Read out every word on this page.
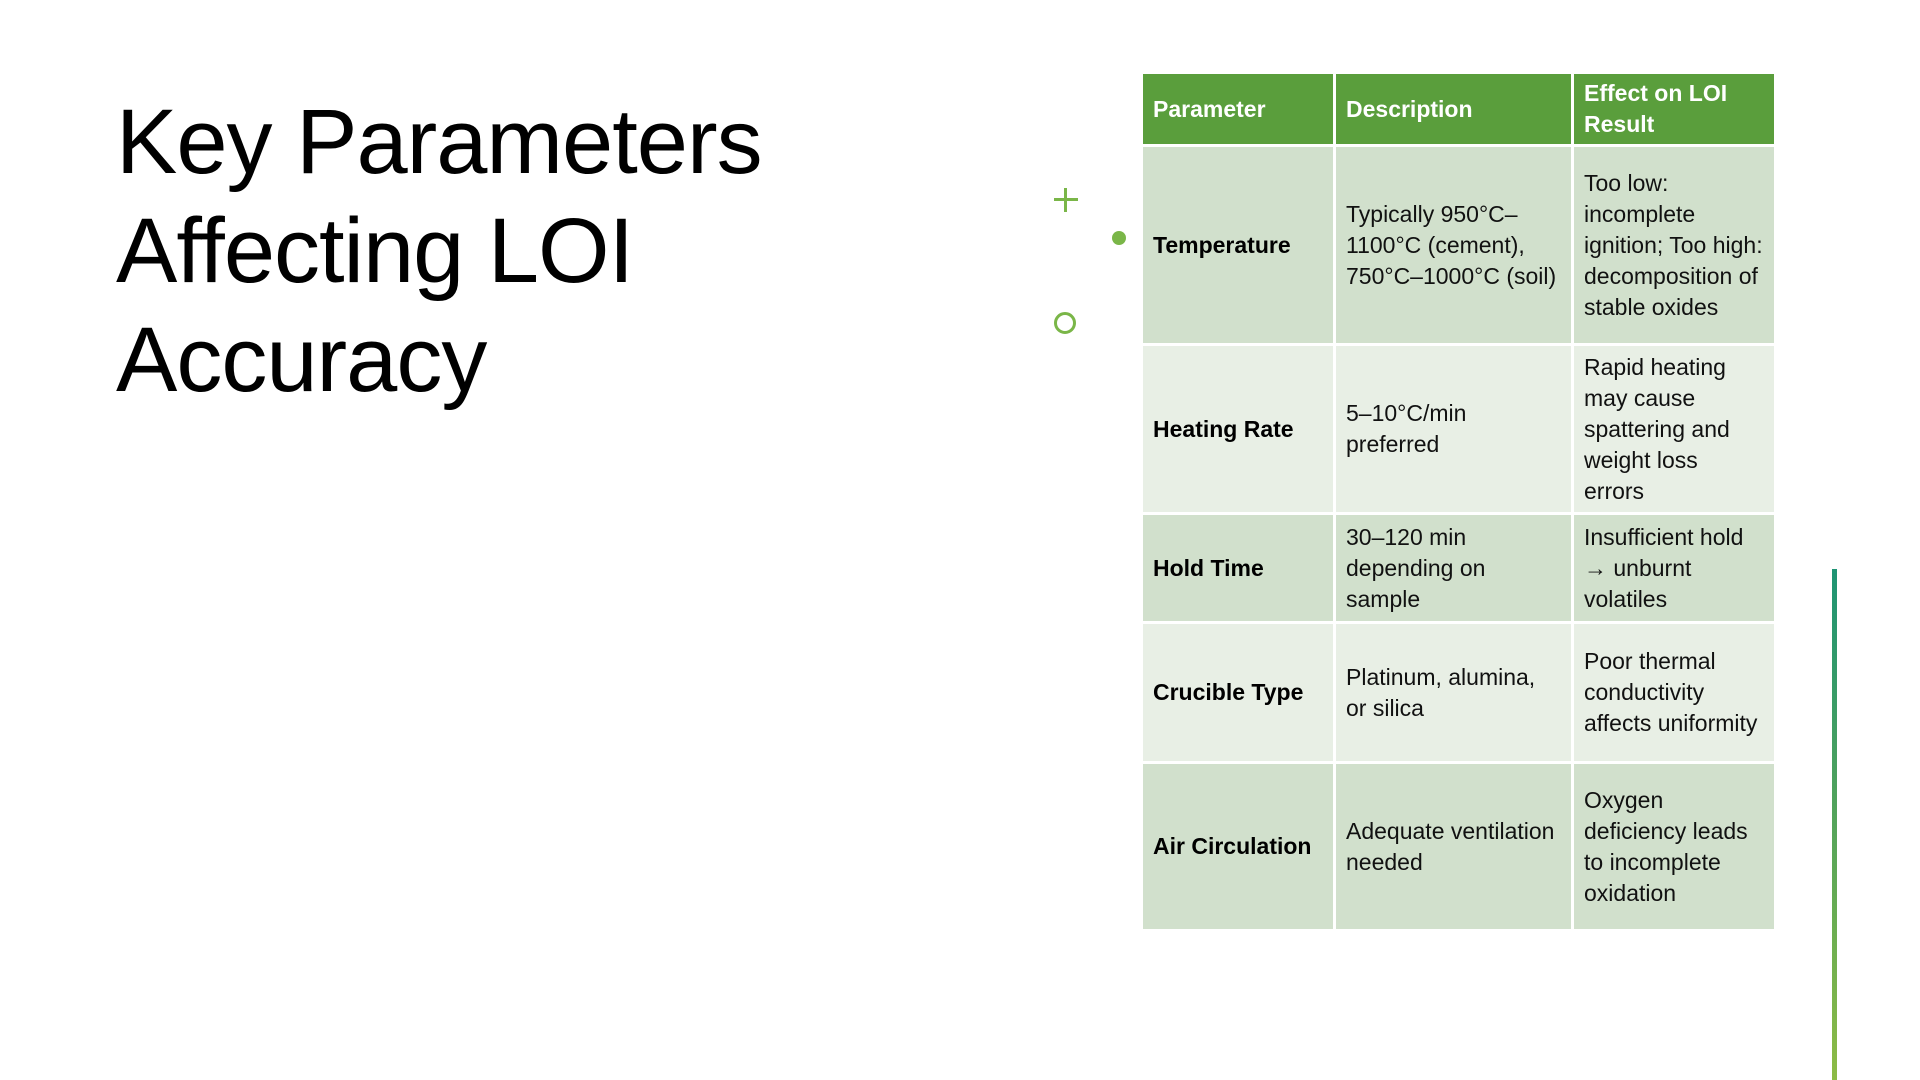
Key Parameters
Affecting LOI
Accuracy
Parameter	Description	Effect on LOI Result
Temperature	Typically 950°C–1100°C (cement), 750°C–1000°C (soil)	Too low: incomplete ignition; Too high: decomposition of stable oxides
Heating Rate	5–10°C/min preferred	Rapid heating may cause spattering and weight loss errors
Hold Time	30–120 min depending on sample	Insufficient hold → unburnt volatiles
Crucible Type	Platinum, alumina, or silica	Poor thermal conductivity affects uniformity
Air Circulation	Adequate ventilation needed	Oxygen deficiency leads to incomplete oxidation
